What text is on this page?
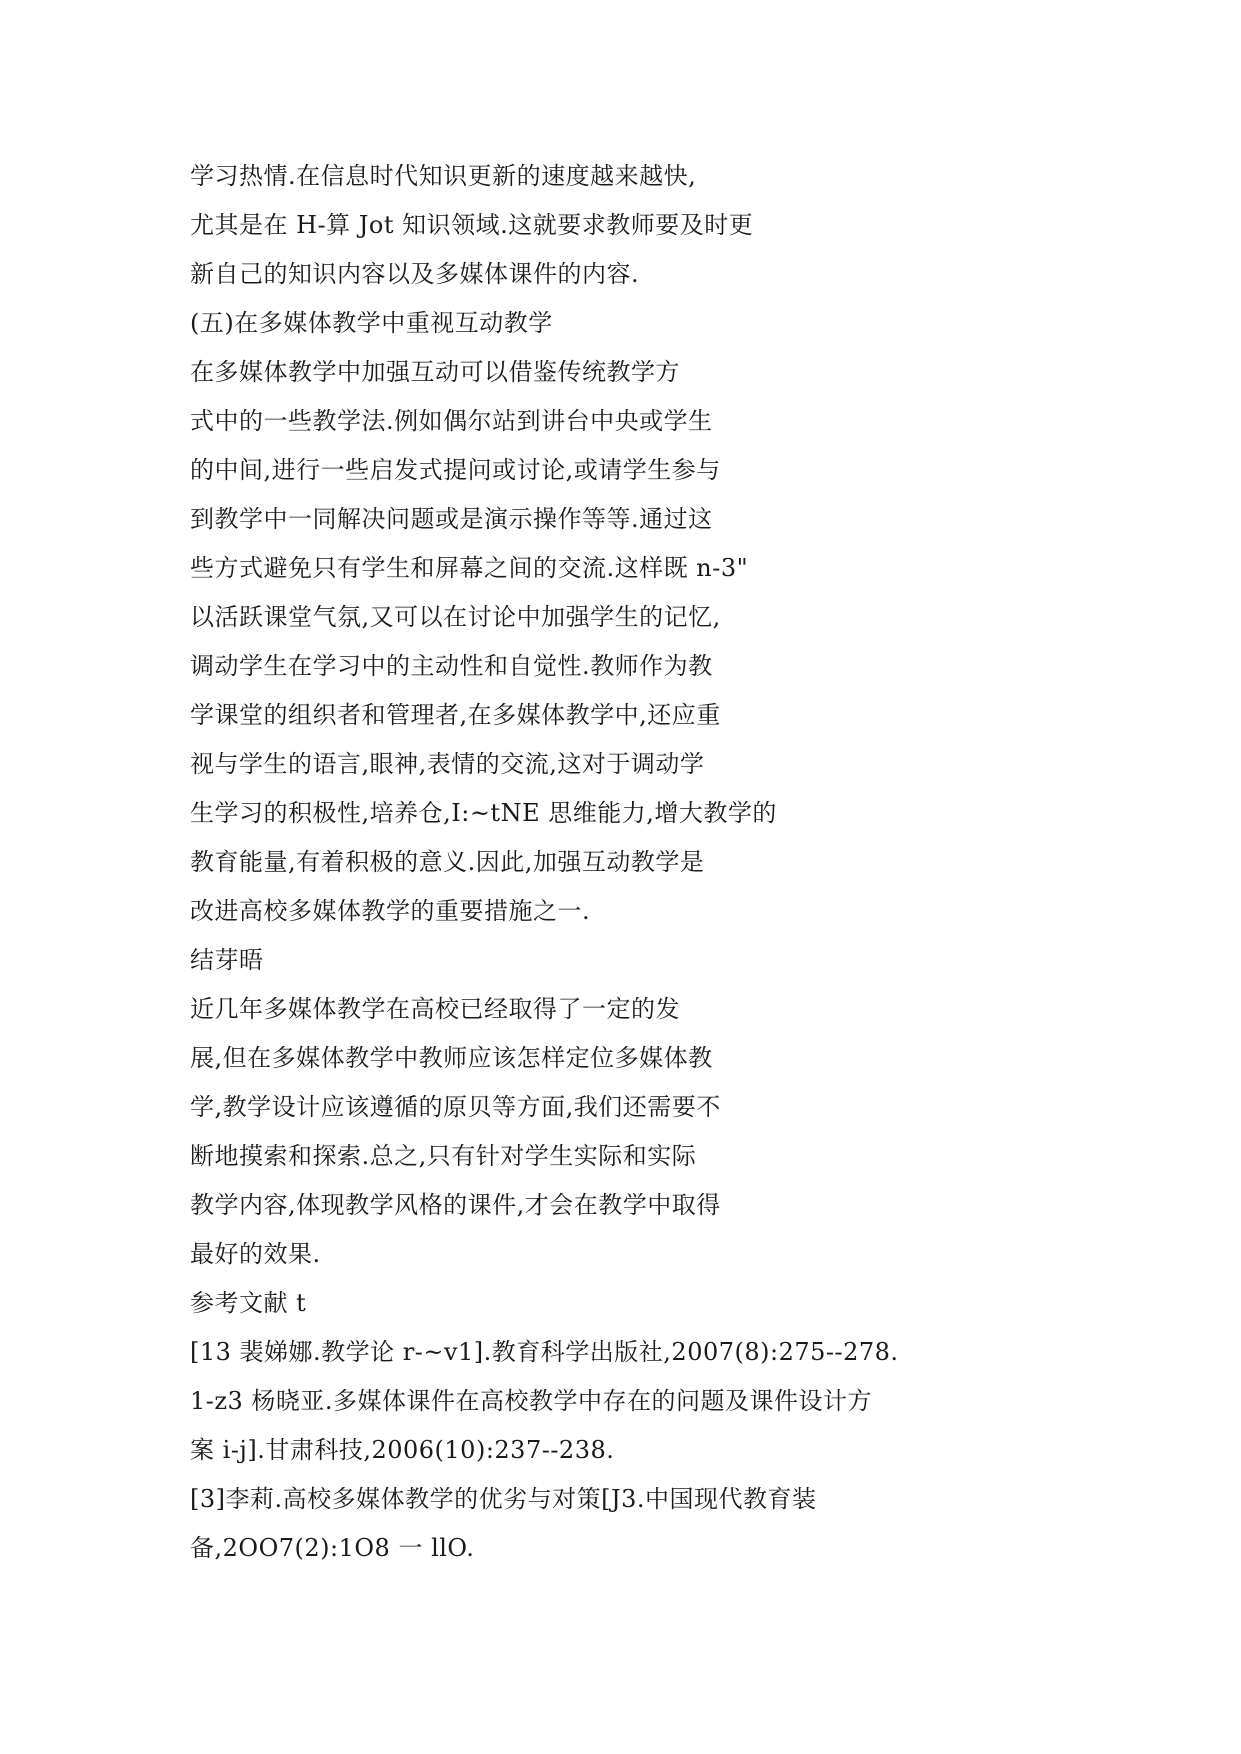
学习热情.在信息时代知识更新的速度越来越快,
尤其是在 H-算 Jot 知识领域.这就要求教师要及时更
新自己的知识内容以及多媒体课件的内容.
(五)在多媒体教学中重视互动教学
在多媒体教学中加强互动可以借鉴传统教学方
式中的一些教学法.例如偶尔站到讲台中央或学生
的中间,进行一些启发式提问或讨论,或请学生参与
到教学中一同解决问题或是演示操作等等.通过这
些方式避免只有学生和屏幕之间的交流.这样既 n-3"
以活跃课堂气氛,又可以在讨论中加强学生的记忆,
调动学生在学习中的主动性和自觉性.教师作为教
学课堂的组织者和管理者,在多媒体教学中,还应重
视与学生的语言,眼神,表情的交流,这对于调动学
生学习的积极性,培养仓,I:~tNE 思维能力,增大教学的
教育能量,有着积极的意义.因此,加强互动教学是
改进高校多媒体教学的重要措施之一.
结芽晤
近几年多媒体教学在高校已经取得了一定的发
展,但在多媒体教学中教师应该怎样定位多媒体教
学,教学设计应该遵循的原贝等方面,我们还需要不
断地摸索和探索.总之,只有针对学生实际和实际
教学内容,体现教学风格的课件,才会在教学中取得
最好的效果.
参考文献 t
[13 裴娣娜.教学论 r-~v1].教育科学出版社,2007(8):275--278.
1-z3 杨晓亚.多媒体课件在高校教学中存在的问题及课件设计方
案 i-j].甘肃科技,2006(10):237--238.
[3]李莉.高校多媒体教学的优劣与对策[J3.中国现代教育装
备,2OO7(2):1O8 一 llO.
